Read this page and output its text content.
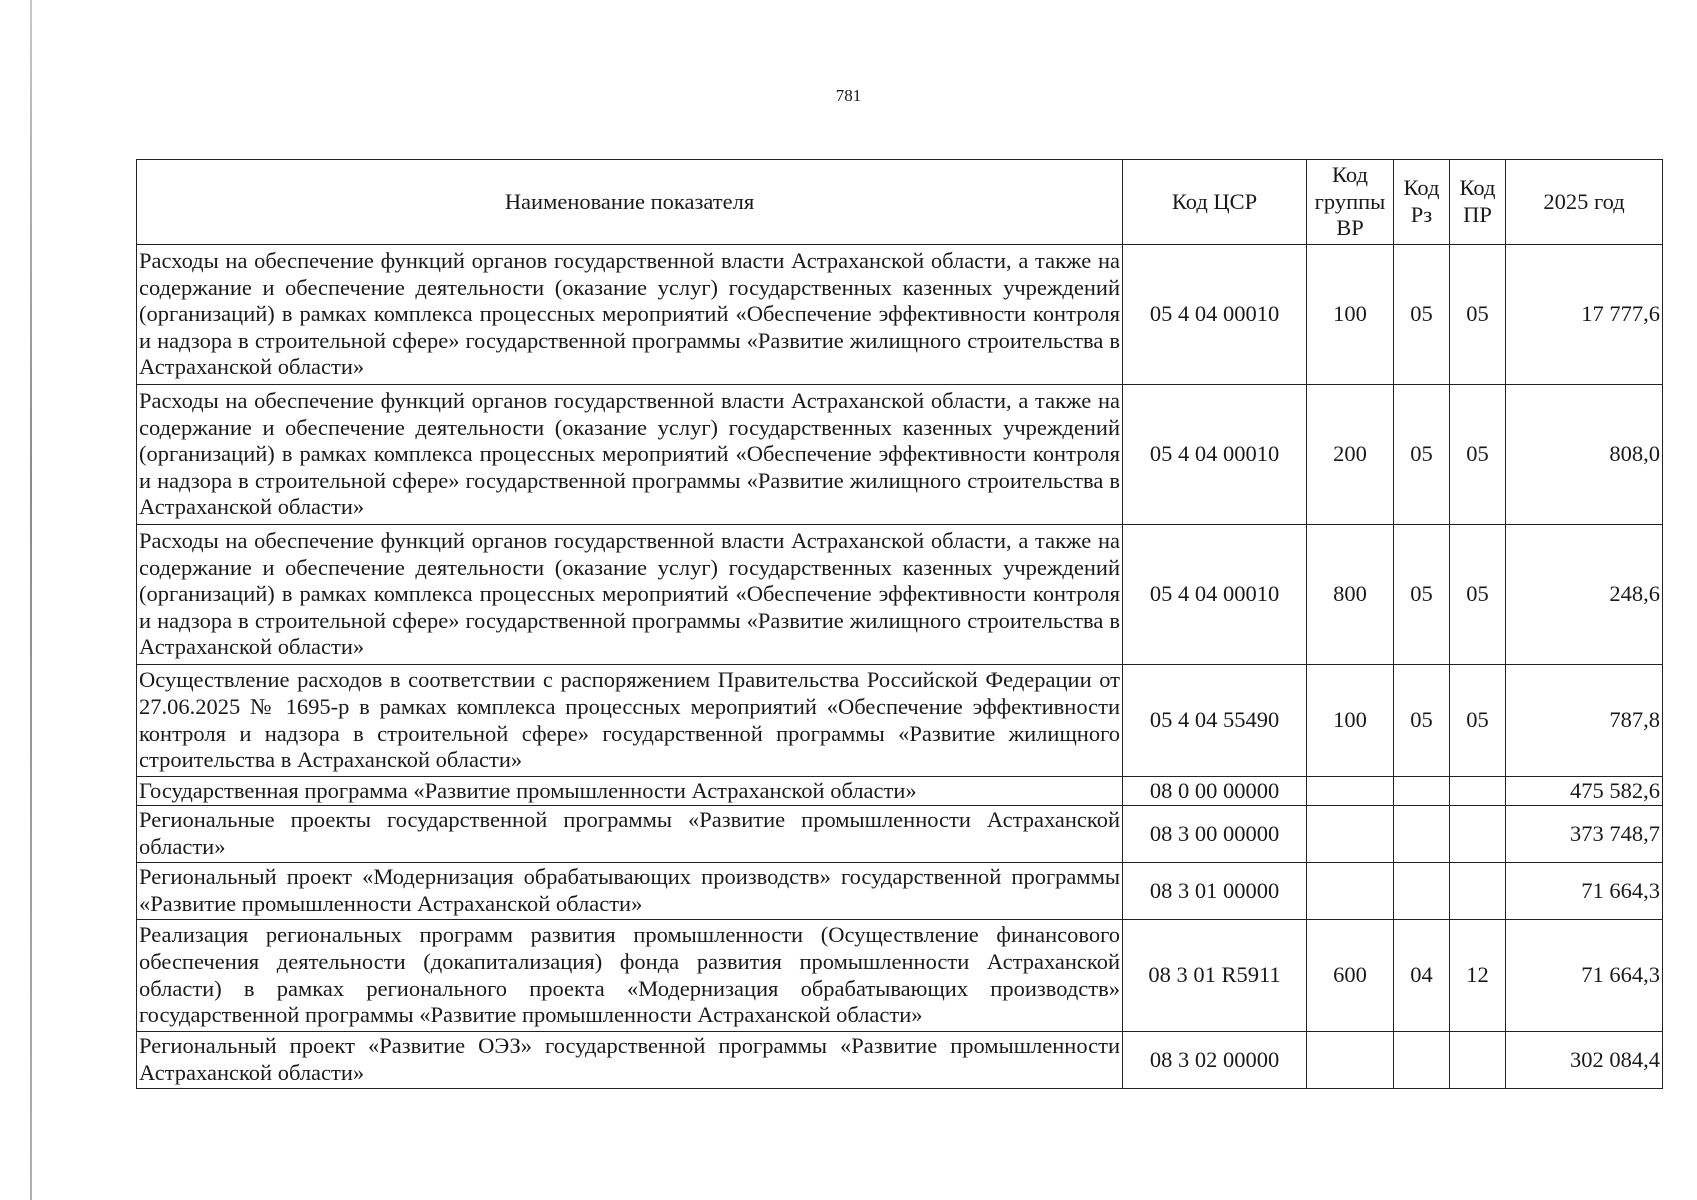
781
Наименование показателя	Код ЦСР	Код группы ВР	Код Рз	Код ПР	2025 год
Расходы на обеспечение функций органов государственной власти Астраханской области, а также на содержание и обеспечение деятельности (оказание услуг) государственных казенных учреждений (организаций) в рамках комплекса процессных мероприятий «Обеспечение эффективности контроля и надзора в строительной сфере» государственной программы «Развитие жилищного строительства в Астраханской области»	05 4 04 00010	100	05	05	17 777,6
Расходы на обеспечение функций органов государственной власти Астраханской области, а также на содержание и обеспечение деятельности (оказание услуг) государственных казенных учреждений (организаций) в рамках комплекса процессных мероприятий «Обеспечение эффективности контроля и надзора в строительной сфере» государственной программы «Развитие жилищного строительства в Астраханской области»	05 4 04 00010	200	05	05	808,0
Расходы на обеспечение функций органов государственной власти Астраханской области, а также на содержание и обеспечение деятельности (оказание услуг) государственных казенных учреждений (организаций) в рамках комплекса процессных мероприятий «Обеспечение эффективности контроля и надзора в строительной сфере» государственной программы «Развитие жилищного строительства в Астраханской области»	05 4 04 00010	800	05	05	248,6
Осуществление расходов в соответствии с распоряжением Правительства Российской Федерации от 27.06.2025 № 1695-р в рамках комплекса процессных мероприятий «Обеспечение эффективности контроля и надзора в строительной сфере» государственной программы «Развитие жилищного строительства в Астраханской области»	05 4 04 55490	100	05	05	787,8
Государственная программа «Развитие промышленности Астраханской области»	08 0 00 00000				475 582,6
Региональные проекты государственной программы «Развитие промышленности Астраханской области»	08 3 00 00000				373 748,7
Региональный проект «Модернизация обрабатывающих производств» государственной программы «Развитие промышленности Астраханской области»	08 3 01 00000				71 664,3
Реализация региональных программ развития промышленности (Осуществление финансового обеспечения деятельности (докапитализация) фонда развития промышленности Астраханской области) в рамках регионального проекта «Модернизация обрабатывающих производств» государственной программы «Развитие промышленности Астраханской области»	08 3 01 R5911	600	04	12	71 664,3
Региональный проект «Развитие ОЭЗ» государственной программы «Развитие промышленности Астраханской области»	08 3 02 00000				302 084,4
